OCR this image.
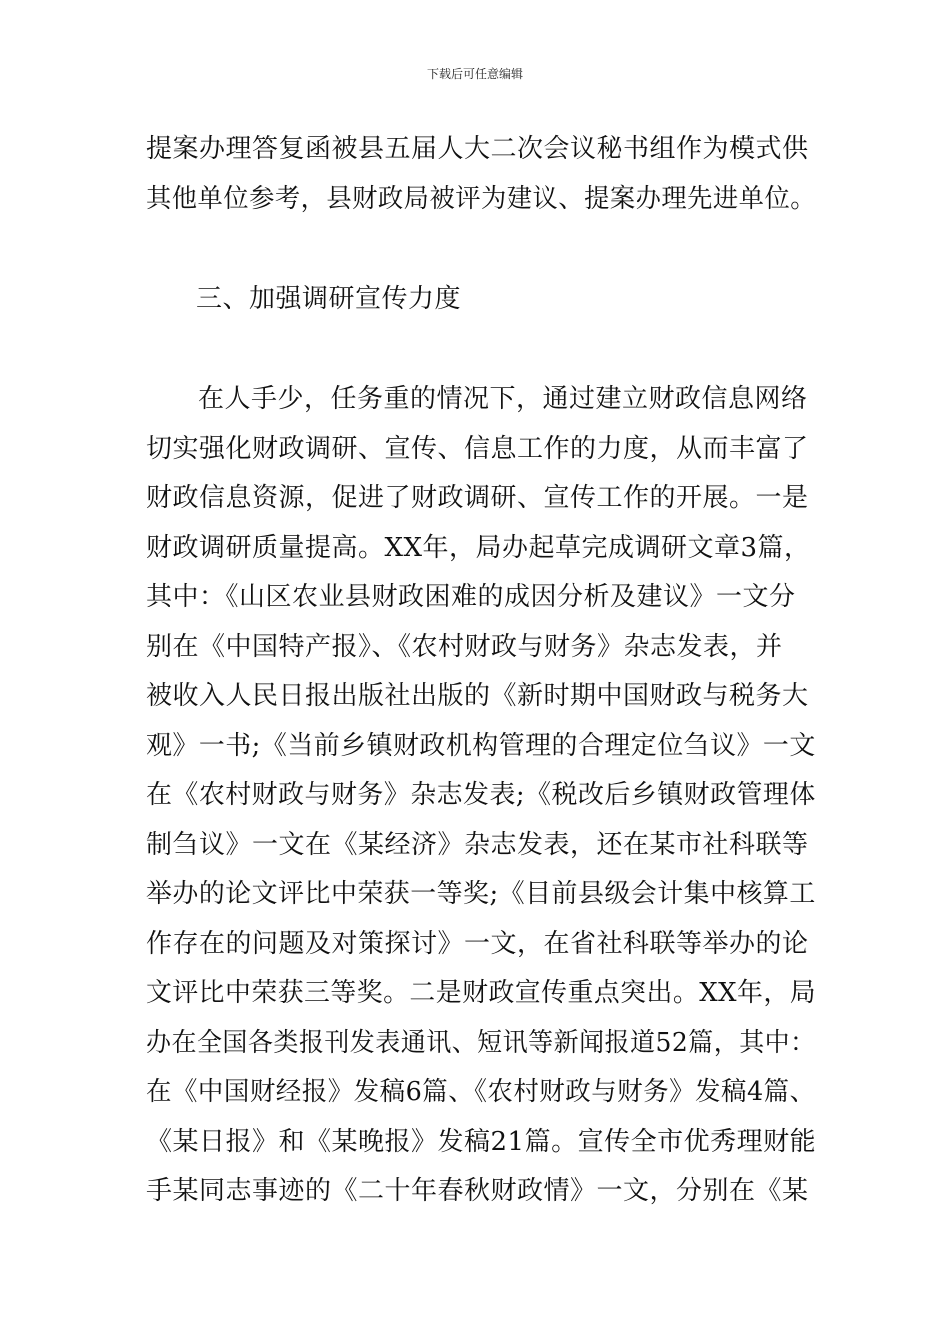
下载后可任意编辑
提案办理答复函被县五届人大二次会议秘书组作为模式供
其他单位参考，县财政局被评为建议、提案办理先进单位。
三、加强调研宣传力度
在人手少，任务重的情况下，通过建立财政信息网络
切实强化财政调研、宣传、信息工作的力度，从而丰富了
财政信息资源，促进了财政调研、宣传工作的开展。一是
财政调研质量提高。XX年，局办起草完成调研文章3篇，
其中：《山区农业县财政困难的成因分析及建议》一文分
别在《中国特产报》、《农村财政与财务》杂志发表，并
被收入人民日报出版社出版的《新时期中国财政与税务大
观》一书;《当前乡镇财政机构管理的合理定位刍议》一文
在《农村财政与财务》杂志发表;《税改后乡镇财政管理体
制刍议》一文在《某经济》杂志发表，还在某市社科联等
举办的论文评比中荣获一等奖;《目前县级会计集中核算工
作存在的问题及对策探讨》一文，在省社科联等举办的论
文评比中荣获三等奖。二是财政宣传重点突出。XX年，局
办在全国各类报刊发表通讯、短讯等新闻报道52篇，其中：
在《中国财经报》发稿6篇、《农村财政与财务》发稿4篇、
《某日报》和《某晚报》发稿21篇。宣传全市优秀理财能
手某同志事迹的《二十年春秋财政情》一文，分别在《某
